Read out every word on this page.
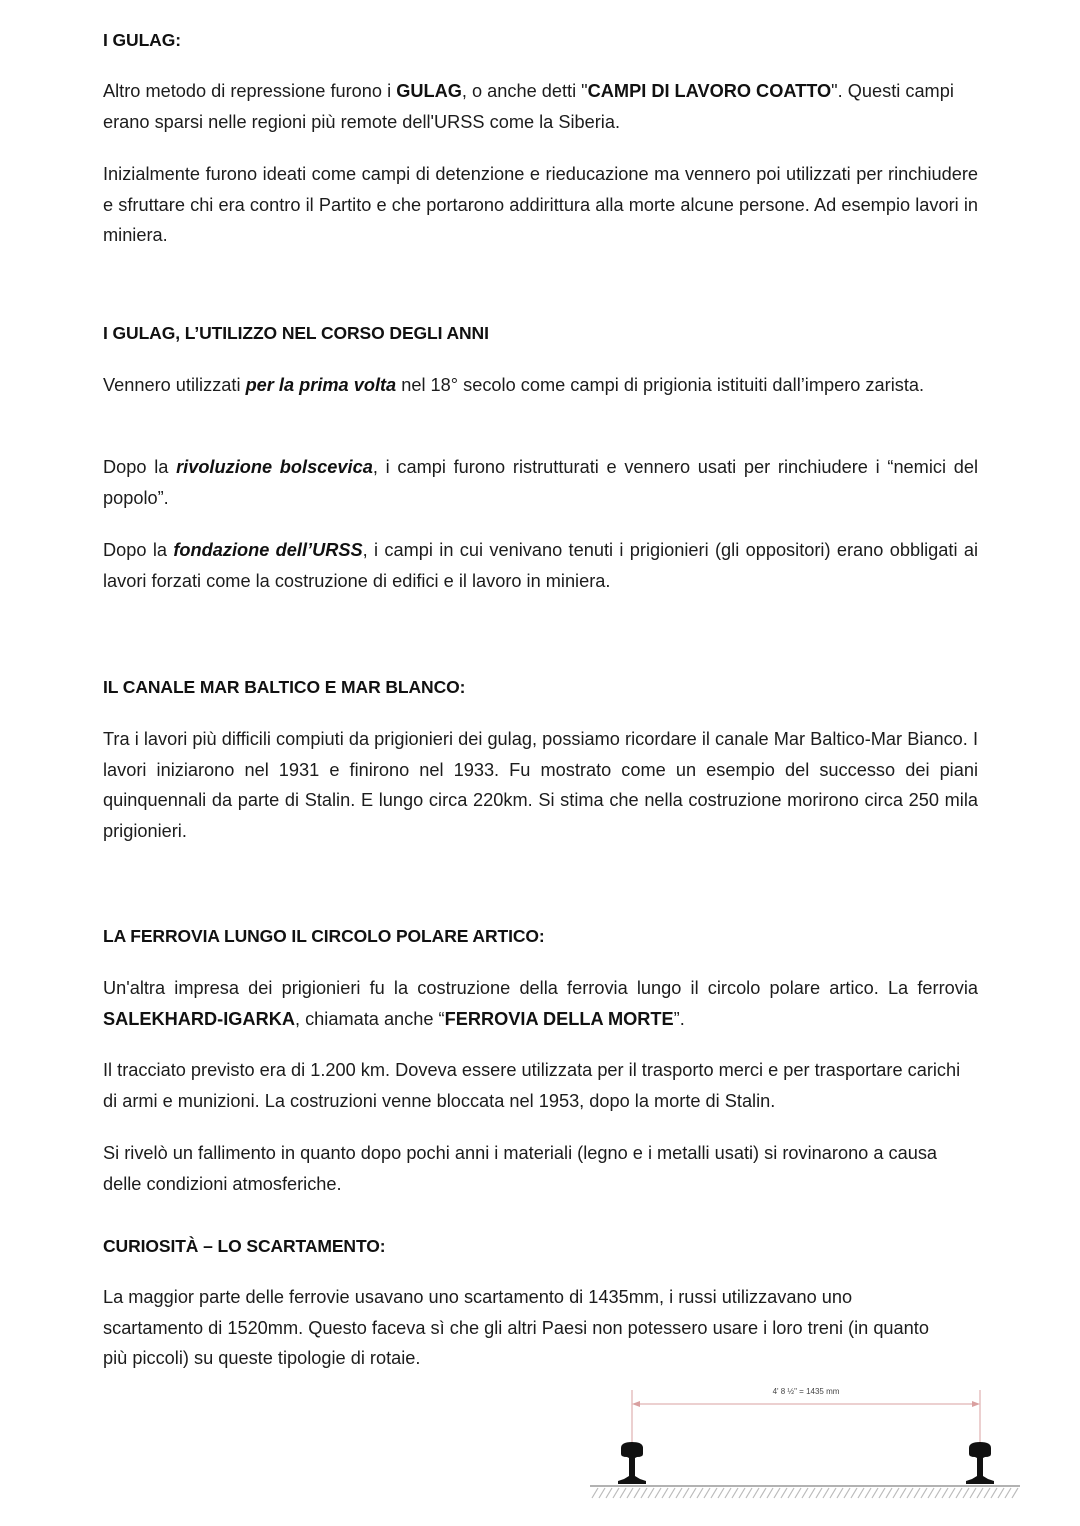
I GULAG:

Altro metodo di repressione furono i GULAG, o anche detti "CAMPI DI LAVORO COATTO". Questi campi erano sparsi nelle regioni più remote dell'URSS come la Siberia.

Inizialmente furono ideati come campi di detenzione e rieducazione ma vennero poi utilizzati per rinchiudere e sfruttare chi era contro il Partito e che portarono addirittura alla morte alcune persone. Ad esempio lavori in miniera.

I GULAG, L’UTILIZZO NEL CORSO DEGLI ANNI

Vennero utilizzati per la prima volta nel 18° secolo come campi di prigionia istituiti dall’impero zarista.

Dopo la rivoluzione bolscevica, i campi furono ristrutturati e vennero usati per rinchiudere i “nemici del popolo”.

Dopo la fondazione dell’URSS, i campi in cui venivano tenuti i prigionieri (gli oppositori) erano obbligati ai lavori forzati come la costruzione di edifici e il lavoro in miniera.

IL CANALE MAR BALTICO E MAR BLANCO:

Tra i lavori più difficili compiuti da prigionieri dei gulag, possiamo ricordare il canale Mar Baltico-Mar Bianco. I lavori iniziarono nel 1931 e finirono nel 1933. Fu mostrato come un esempio del successo dei piani quinquennali da parte di Stalin. E lungo circa 220km. Si stima che nella costruzione morirono circa 250 mila prigionieri.

LA FERROVIA LUNGO IL CIRCOLO POLARE ARTICO:

Un'altra impresa dei prigionieri fu la costruzione della ferrovia lungo il circolo polare artico. La ferrovia SALEKHARD-IGARKA, chiamata anche “FERROVIA DELLA MORTE”.

Il tracciato previsto era di 1.200 km. Doveva essere utilizzata per il trasporto merci e per trasportare carichi di armi e munizioni. La costruzioni venne bloccata nel 1953, dopo la morte di Stalin.

Si rivelò un fallimento in quanto dopo pochi anni i materiali (legno e i metalli usati) si rovinarono a causa delle condizioni atmosferiche.

CURIOSITÀ – LO SCARTAMENTO:

La maggior parte delle ferrovie usavano uno scartamento di 1435mm, i russi utilizzavano uno scartamento di 1520mm. Questo faceva sì che gli altri Paesi non potessero usare i loro treni (in quanto più piccoli) su queste tipologie di rotaie.

4' 8 ½" = 1435 mm
